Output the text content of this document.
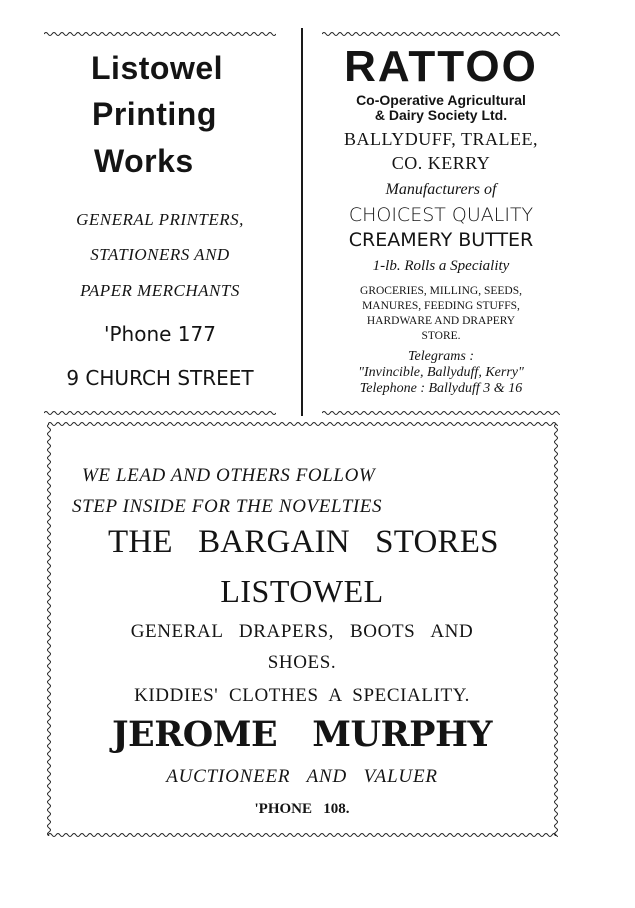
Listowel
Printing
Works
GENERAL PRINTERS,
STATIONERS AND
PAPER MERCHANTS
'Phone 177
9 CHURCH STREET
RATTOO
Co-Operative Agricultural
& Dairy Society Ltd.
BALLYDUFF, TRALEE,
CO. KERRY
Manufacturers of
CHOICEST QUALITY
CREAMERY BUTTER
1-lb. Rolls a Speciality
GROCERIES, MILLING, SEEDS,
MANURES, FEEDING STUFFS,
HARDWARE AND DRAPERY
STORE.
Telegrams :
"Invincible, Ballyduff, Kerry"
Telephone : Ballyduff 3 & 16
WE LEAD AND OTHERS FOLLOW
STEP INSIDE FOR THE NOVELTIES
THE   BARGAIN   STORES
LISTOWEL
GENERAL   DRAPERS,   BOOTS   AND
SHOES.
KIDDIES'  CLOTHES  A  SPECIALITY.
JEROME   MURPHY
AUCTIONEER   AND   VALUER
'PHONE   108.
